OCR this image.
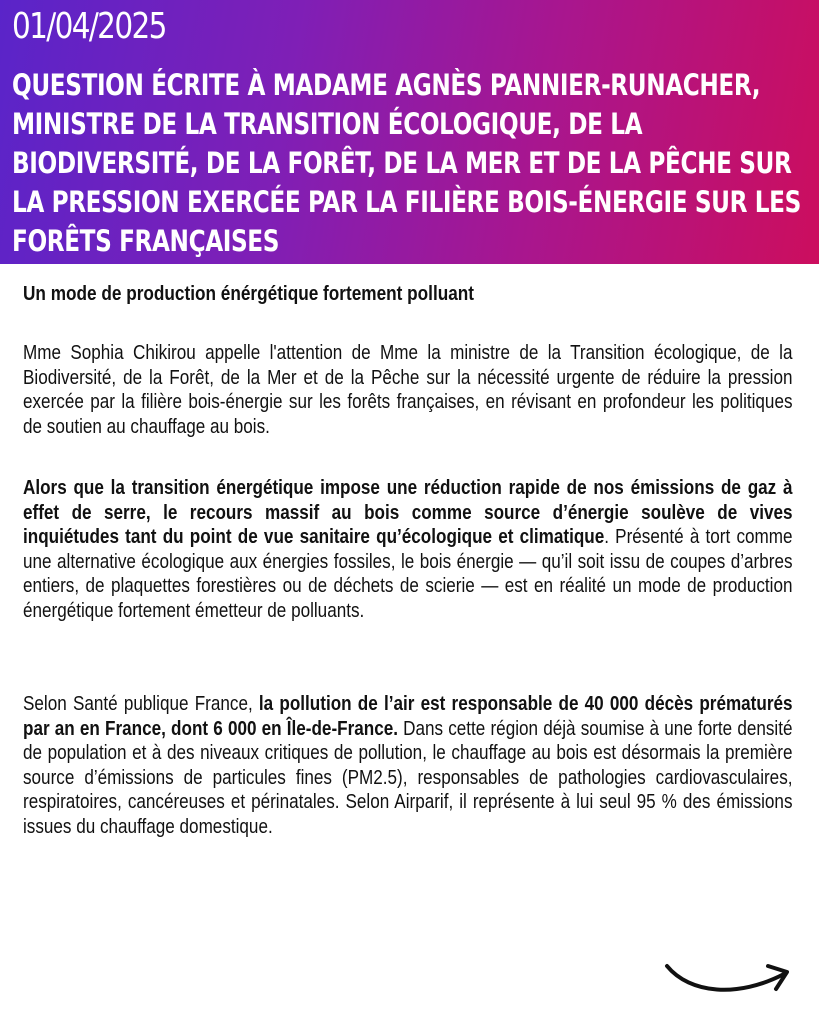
01/04/2025
QUESTION ÉCRITE À MADAME AGNÈS PANNIER-RUNACHER, MINISTRE DE LA TRANSITION ÉCOLOGIQUE, DE LA BIODIVERSITÉ, DE LA FORÊT, DE LA MER ET DE LA PÊCHE SUR LA PRESSION EXERCÉE PAR LA FILIÈRE BOIS-ÉNERGIE SUR LES FORÊTS FRANÇAISES
Un mode de production énérgétique fortement polluant

Mme Sophia Chikirou appelle l'attention de Mme la ministre de la Transition écologique, de la Biodiversité, de la Forêt, de la Mer et de la Pêche sur la nécessité urgente de réduire la pression exercée par la filière bois-énergie sur les forêts françaises, en révisant en profondeur les politiques de soutien au chauffage au bois.

Alors que la transition énergétique impose une réduction rapide de nos émissions de gaz à effet de serre, le recours massif au bois comme source d’énergie soulève de vives inquiétudes tant du point de vue sanitaire qu’écologique et climatique. Présenté à tort comme une alternative écologique aux énergies fossiles, le bois énergie — qu’il soit issu de coupes d’arbres entiers, de plaquettes forestières ou de déchets de scierie — est en réalité un mode de production énergétique fortement émetteur de polluants.

Selon Santé publique France, la pollution de l’air est responsable de 40 000 décès prématurés par an en France, dont 6 000 en Île-de-France. Dans cette région déjà soumise à une forte densité de population et à des niveaux critiques de pollution, le chauffage au bois est désormais la première source d’émissions de particules fines (PM2.5), responsables de pathologies cardiovasculaires, respiratoires, cancéreuses et périnatales. Selon Airparif, il représente à lui seul 95 % des émissions issues du chauffage domestique.
